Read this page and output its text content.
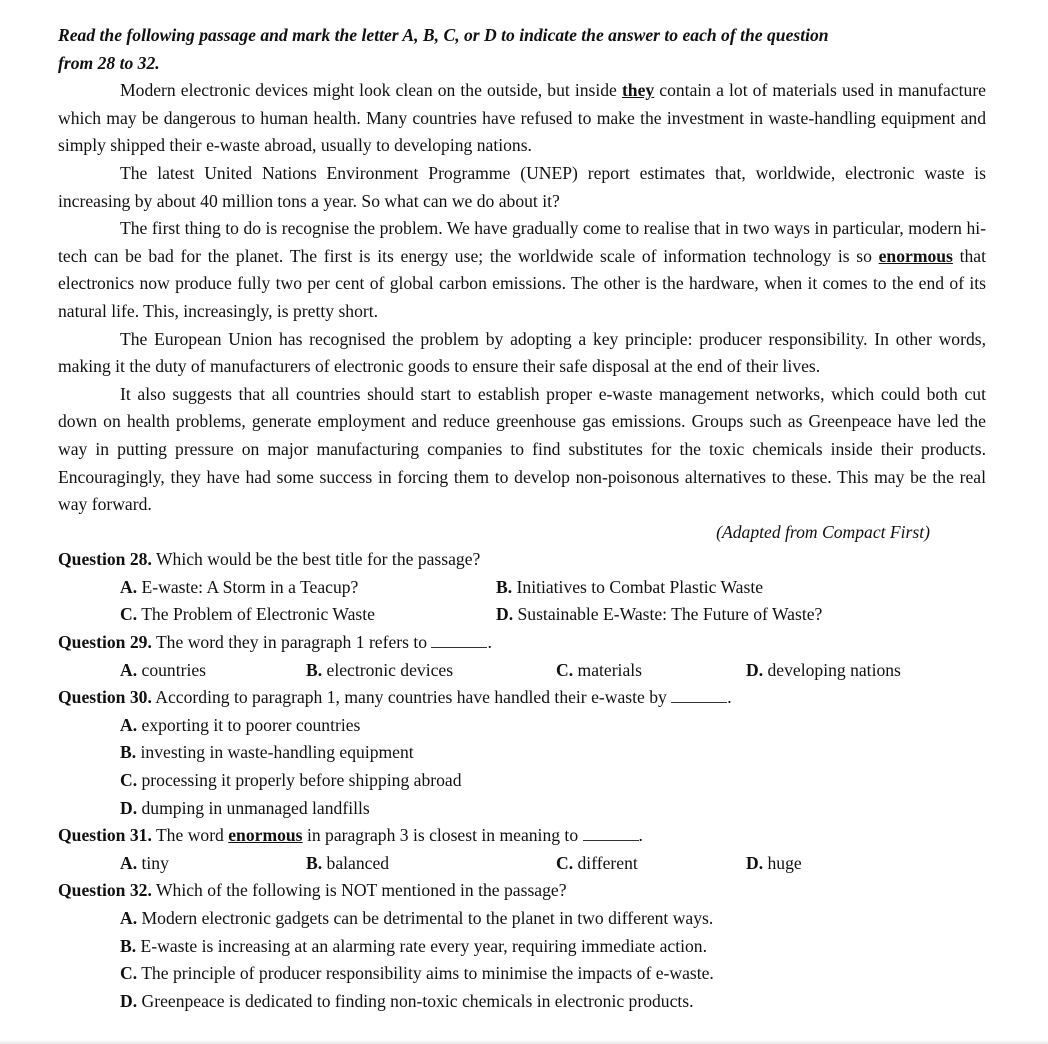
Read the following passage and mark the letter A, B, C, or D to indicate the answer to each of the question
from 28 to 32.
Modern electronic devices might look clean on the outside, but inside they contain a lot of materials used in manufacture which may be dangerous to human health. Many countries have refused to make the investment in waste-handling equipment and simply shipped their e-waste abroad, usually to developing nations.
The latest United Nations Environment Programme (UNEP) report estimates that, worldwide, electronic waste is increasing by about 40 million tons a year. So what can we do about it?
The first thing to do is recognise the problem. We have gradually come to realise that in two ways in particular, modern hi-tech can be bad for the planet. The first is its energy use; the worldwide scale of information technology is so enormous that electronics now produce fully two per cent of global carbon emissions. The other is the hardware, when it comes to the end of its natural life. This, increasingly, is pretty short.
The European Union has recognised the problem by adopting a key principle: producer responsibility. In other words, making it the duty of manufacturers of electronic goods to ensure their safe disposal at the end of their lives.
It also suggests that all countries should start to establish proper e-waste management networks, which could both cut down on health problems, generate employment and reduce greenhouse gas emissions. Groups such as Greenpeace have led the way in putting pressure on major manufacturing companies to find substitutes for the toxic chemicals inside their products. Encouragingly, they have had some success in forcing them to develop non-poisonous alternatives to these. This may be the real way forward.
(Adapted from Compact First)
Question 28. Which would be the best title for the passage?
A. E-waste: A Storm in a Teacup?	B. Initiatives to Combat Plastic Waste
C. The Problem of Electronic Waste	D. Sustainable E-Waste: The Future of Waste?
Question 29. The word they in paragraph 1 refers to	.
A. countries	B. electronic devices	C. materials	D. developing nations
Question 30. According to paragraph 1, many countries have handled their e-waste by	.
A. exporting it to poorer countries
B. investing in waste-handling equipment
C. processing it properly before shipping abroad
D. dumping in unmanaged landfills
Question 31. The word enormous in paragraph 3 is closest in meaning to	.
A. tiny	B. balanced	C. different	D. huge
Question 32. Which of the following is NOT mentioned in the passage?
A. Modern electronic gadgets can be detrimental to the planet in two different ways.
B. E-waste is increasing at an alarming rate every year, requiring immediate action.
C. The principle of producer responsibility aims to minimise the impacts of e-waste.
D. Greenpeace is dedicated to finding non-toxic chemicals in electronic products.
